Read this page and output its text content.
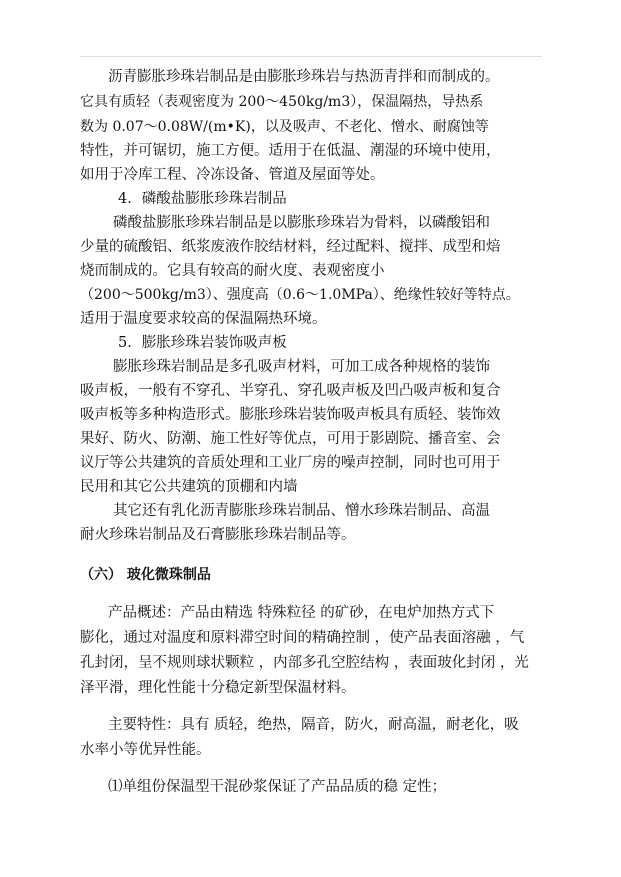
沥青膨胀珍珠岩制品是由膨胀珍珠岩与热沥青拌和而制成的。
它具有质轻（表观密度为 200～450kg/m3），保温隔热，导热系
数为 0.07～0.08W/(m•K)，以及吸声、不老化、憎水、耐腐蚀等
特性，并可锯切，施工方便。适用于在低温、潮湿的环境中使用，
如用于冷库工程、冷冻设备、管道及屋面等处。
4．磷酸盐膨胀珍珠岩制品
磷酸盐膨胀珍珠岩制品是以膨胀珍珠岩为骨料，以磷酸铝和
少量的硫酸铝、纸浆废液作胶结材料，经过配料、搅拌、成型和焙
烧而制成的。它具有较高的耐火度、表观密度小
（200～500kg/m3）、强度高（0.6～1.0MPa）、绝缘性较好等特点。
适用于温度要求较高的保温隔热环境。
5．膨胀珍珠岩装饰吸声板
膨胀珍珠岩制品是多孔吸声材料，可加工成各种规格的装饰
吸声板，一般有不穿孔、半穿孔、穿孔吸声板及凹凸吸声板和复合
吸声板等多种构造形式。膨胀珍珠岩装饰吸声板具有质轻、装饰效
果好、防火、防潮、施工性好等优点，可用于影剧院、播音室、会
议厅等公共建筑的音质处理和工业厂房的噪声控制，同时也可用于
民用和其它公共建筑的顶棚和内墙
其它还有乳化沥青膨胀珍珠岩制品、憎水珍珠岩制品、高温
耐火珍珠岩制品及石膏膨胀珍珠岩制品等。
（六） 玻化微珠制品
产品概述：产品由精选 特殊粒径 的矿砂，在电炉加热方式下
膨化，通过对温度和原料滞空时间的精确控制 ，使产品表面溶融 ，气
孔封闭，呈不规则球状颗粒 ，内部多孔空腔结构 ，表面玻化封闭 ，光
泽平滑，理化性能十分稳定新型保温材料。
主要特性：具有 质轻，绝热，隔音，防火，耐高温，耐老化，吸
水率小等优异性能。
⑴单组份保温型干混砂浆保证了产品品质的稳 定性；
